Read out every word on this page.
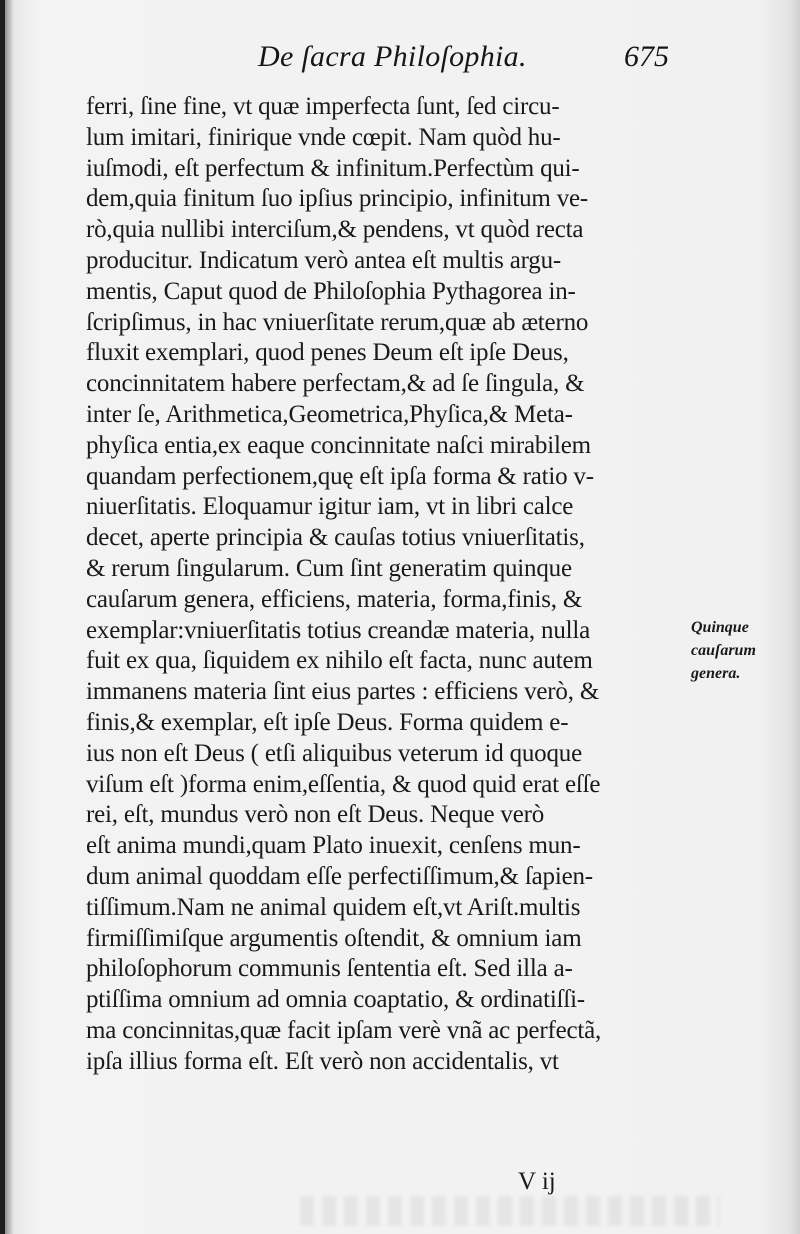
De ſacra Philoſophia.	675
ferri, ſine fine, vt quæ imperfecta ſunt, ſed circu-
lum imitari, finirique vnde cœpit. Nam quòd hu-
iuſmodi, eſt perfectum & infinitum.Perfectùm qui-
dem,quia finitum ſuo ipſius principio, infinitum ve-
rò,quia nullibi interciſum,& pendens, vt quòd recta
producitur. Indicatum verò antea eſt multis argu-
mentis, Caput quod de Philoſophia Pythagorea in-
ſcripſimus, in hac vniuerſitate rerum,quæ ab æterno
fluxit exemplari, quod penes Deum eſt ipſe Deus,
concinnitatem habere perfectam,& ad ſe ſingula, &
inter ſe, Arithmetica,Geometrica,Phyſica,& Meta-
phyſica entia,ex eaque concinnitate naſci mirabilem
quandam perfectionem,quę eſt ipſa forma & ratio v-
niuerſitatis. Eloquamur igitur iam, vt in libri calce
decet, aperte principia & cauſas totius vniuerſitatis,
& rerum ſingularum. Cum ſint generatim quinque
cauſarum genera, efficiens, materia, forma,finis, &
exemplar:vniuerſitatis totius creandæ materia, nulla
fuit ex qua, ſiquidem ex nihilo eſt facta, nunc autem
immanens materia ſint eius partes : efficiens verò, &
finis,& exemplar, eſt ipſe Deus. Forma quidem e-
ius non eſt Deus ( etſi aliquibus veterum id quoque
viſum eſt )forma enim,eſſentia, & quod quid erat eſſe
rei, eſt, mundus verò non eſt Deus. Neque verò
eſt anima mundi,quam Plato inuexit, cenſens mun-
dum animal quoddam eſſe perfectiſſimum,& ſapien-
tiſſimum.Nam ne animal quidem eſt,vt Ariſt.multis
firmiſſimiſque argumentis oſtendit, & omnium iam
philoſophorum communis ſententia eſt. Sed illa a-
ptiſſima omnium ad omnia coaptatio, & ordinatiſſi-
ma concinnitas,quæ facit ipſam verè vnã ac perfectã,
ipſa illius forma eſt. Eſt verò non accidentalis, vt
Quinque
cauſarum
genera.
V ij
